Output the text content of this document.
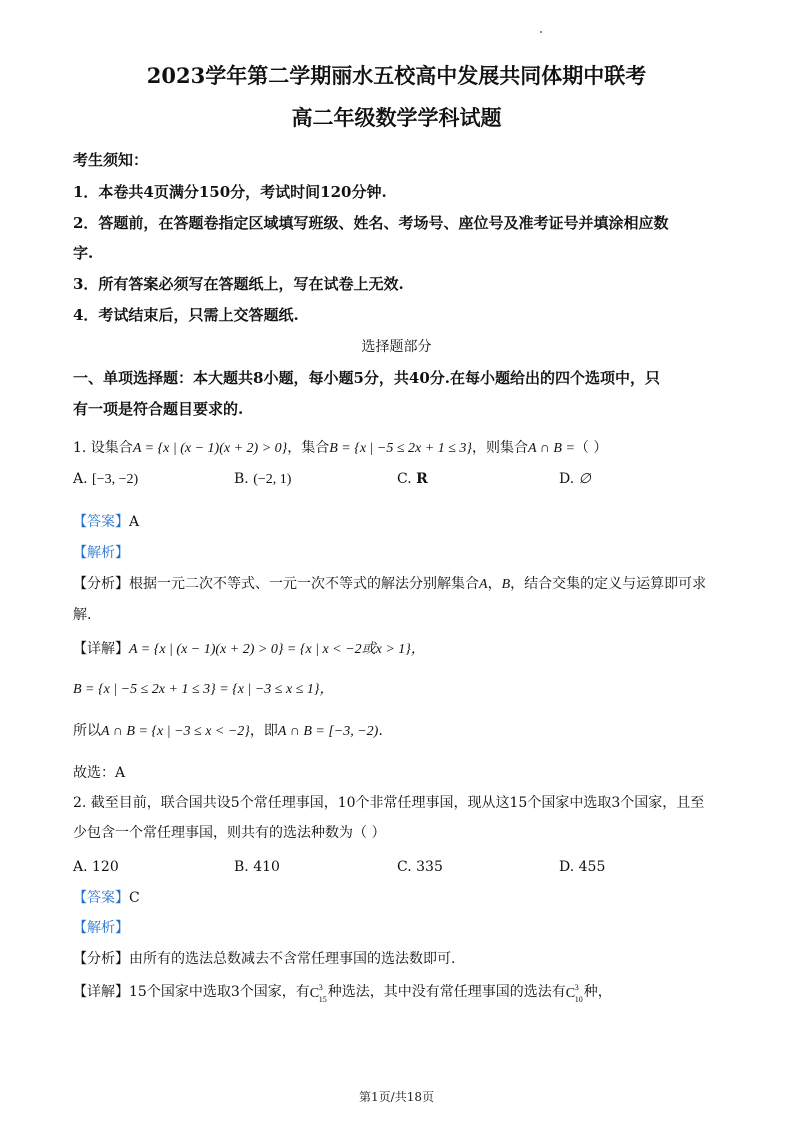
2023学年第二学期丽水五校高中发展共同体期中联考
高二年级数学学科试题
考生须知：
1．本卷共4页满分150分，考试时间120分钟.
2．答题前，在答题卷指定区域填写班级、姓名、考场号、座位号及准考证号并填涂相应数
字.
3．所有答案必须写在答题纸上，写在试卷上无效.
4．考试结束后，只需上交答题纸.
选择题部分
一、单项选择题：本大题共8小题，每小题5分，共40分.在每小题给出的四个选项中，只
有一项是符合题目要求的.
1. 设集合A = {x | (x − 1)(x + 2) > 0}，集合B = {x | −5 ≤ 2x + 1 ≤ 3}，则集合A ∩ B =（ ）
A. [−3, −2)	B. (−2, 1)	C. R	D. ∅
【答案】A
【解析】
【分析】根据一元二次不等式、一元一次不等式的解法分别解集合A，B，结合交集的定义与运算即可求
解.
【详解】A = {x | (x − 1)(x + 2) > 0} = {x | x < −2或x > 1}，
B = {x | −5 ≤ 2x + 1 ≤ 3} = {x | −3 ≤ x ≤ 1}，
所以A ∩ B = {x | −3 ≤ x < −2}，即A ∩ B = [−3, −2).
故选：A
2. 截至目前，联合国共设5个常任理事国，10个非常任理事国，现从这15个国家中选取3个国家，且至
少包含一个常任理事国，则共有的选法种数为（ ）
A. 120	B. 410	C. 335	D. 455
【答案】C
【解析】
【分析】由所有的选法总数减去不含常任理事国的选法数即可.
【详解】15个国家中选取3个国家，有 C 3
15 种选法，其中没有常任理事国的选法有 C 3
10 种，
第1页/共18页
